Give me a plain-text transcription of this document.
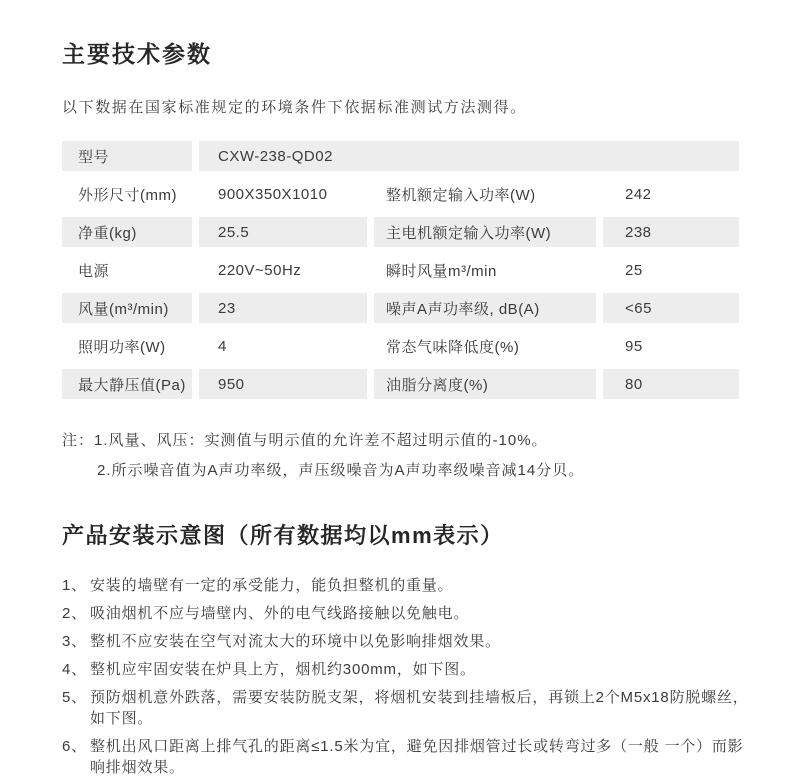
主要技术参数
以下数据在国家标准规定的环境条件下依据标准测试方法测得。
型号	CXW-238-QD02
外形尺寸(mm)	900X350X1010	整机额定输入功率(W)	242
净重(kg)	25.5	主电机额定输入功率(W)	238
电源	220V~50Hz	瞬时风量m³/min	25
风量(m³/min)	23	噪声A声功率级, dB(A)	<65
照明功率(W)	4	常态气味降低度(%)	95
最大静压值(Pa)	950	油脂分离度(%)	80
注：1.风量、风压：实测值与明示值的允许差不超过明示值的-10%。
2.所示噪音值为A声功率级，声压级噪音为A声功率级噪音减14分贝。
产品安装示意图（所有数据均以mm表示）
1、 安装的墙壁有一定的承受能力，能负担整机的重量。
2、 吸油烟机不应与墙壁内、外的电气线路接触以免触电。
3、 整机不应安装在空气对流太大的环境中以免影响排烟效果。
4、 整机应牢固安装在炉具上方，烟机约300mm，如下图。
5、 预防烟机意外跌落，需要安装防脱支架，将烟机安装到挂墙板后，再锁上2个M5x18防脱螺丝，如下图。
6、 整机出风口距离上排气孔的距离≤1.5米为宜，避免因排烟管过长或转弯过多（一般 一个）而影响排烟效果。
